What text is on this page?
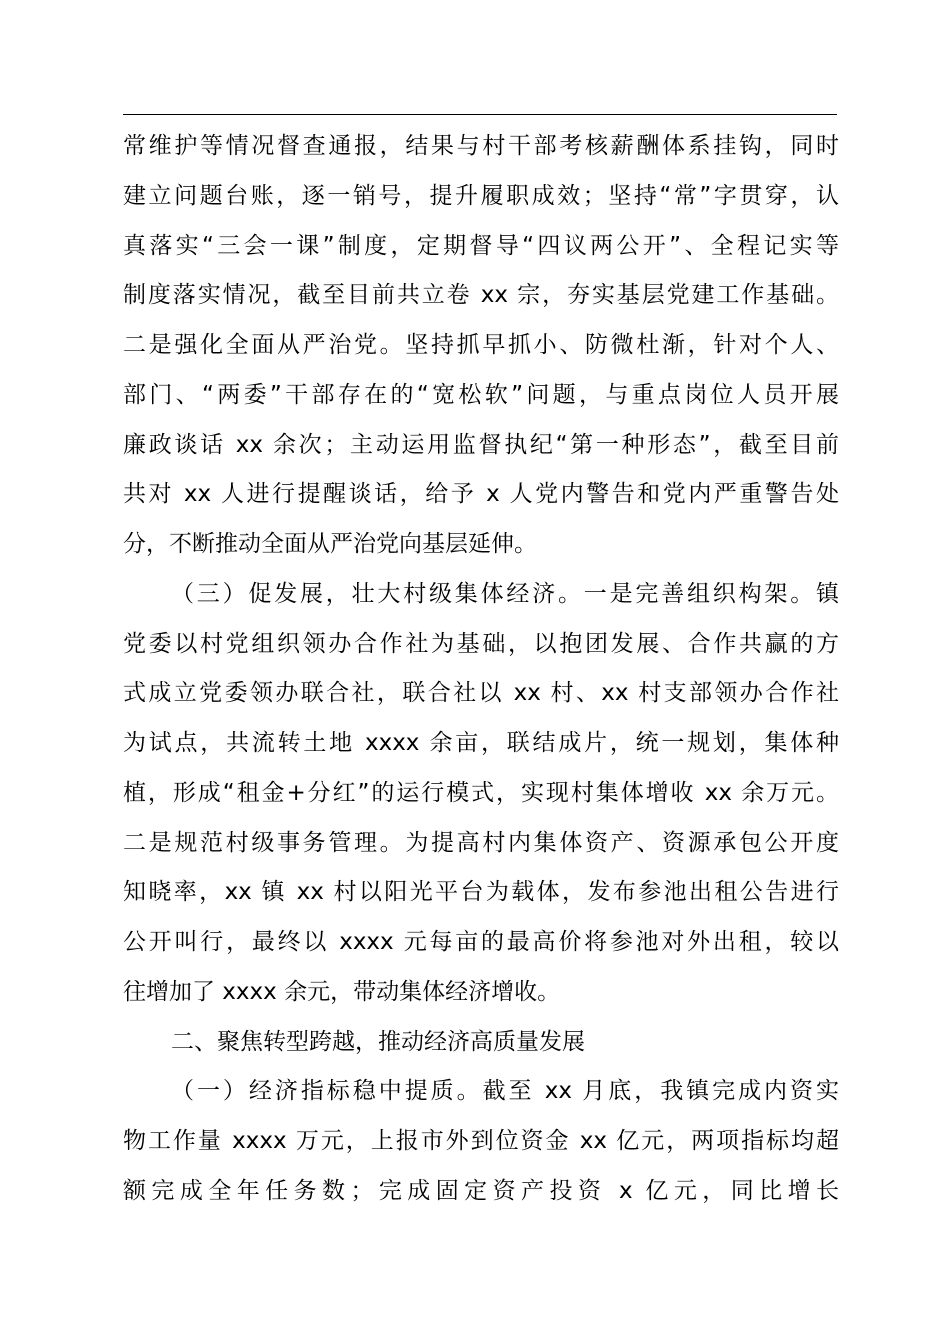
常维护等情况督查通报，结果与村干部考核薪酬体系挂钩，同时
建立问题台账，逐一销号，提升履职成效；坚持“常”字贯穿，认
真落实“三会一课”制度，定期督导“四议两公开”、全程记实等
制度落实情况，截至目前共立卷 xx 宗，夯实基层党建工作基础。
二是强化全面从严治党。坚持抓早抓小、防微杜渐，针对个人、
部门、“两委”干部存在的“宽松软”问题，与重点岗位人员开展
廉政谈话 xx 余次；主动运用监督执纪“第一种形态”，截至目前
共对 xx 人进行提醒谈话，给予 x 人党内警告和党内严重警告处
分，不断推动全面从严治党向基层延伸。
（三）促发展，壮大村级集体经济。一是完善组织构架。镇
党委以村党组织领办合作社为基础，以抱团发展、合作共赢的方
式成立党委领办联合社，联合社以 xx 村、xx 村支部领办合作社
为试点，共流转土地 xxxx 余亩，联结成片，统一规划，集体种
植，形成“租金+分红”的运行模式，实现村集体增收 xx 余万元。
二是规范村级事务管理。为提高村内集体资产、资源承包公开度
知晓率，xx 镇 xx 村以阳光平台为载体，发布参池出租公告进行
公开叫行，最终以 xxxx 元每亩的最高价将参池对外出租，较以
往增加了 xxxx 余元，带动集体经济增收。
二、聚焦转型跨越，推动经济高质量发展
（一）经济指标稳中提质。截至 xx 月底，我镇完成内资实
物工作量 xxxx 万元，上报市外到位资金 xx 亿元，两项指标均超
额完成全年任务数；完成固定资产投资 x 亿元，同比增长
